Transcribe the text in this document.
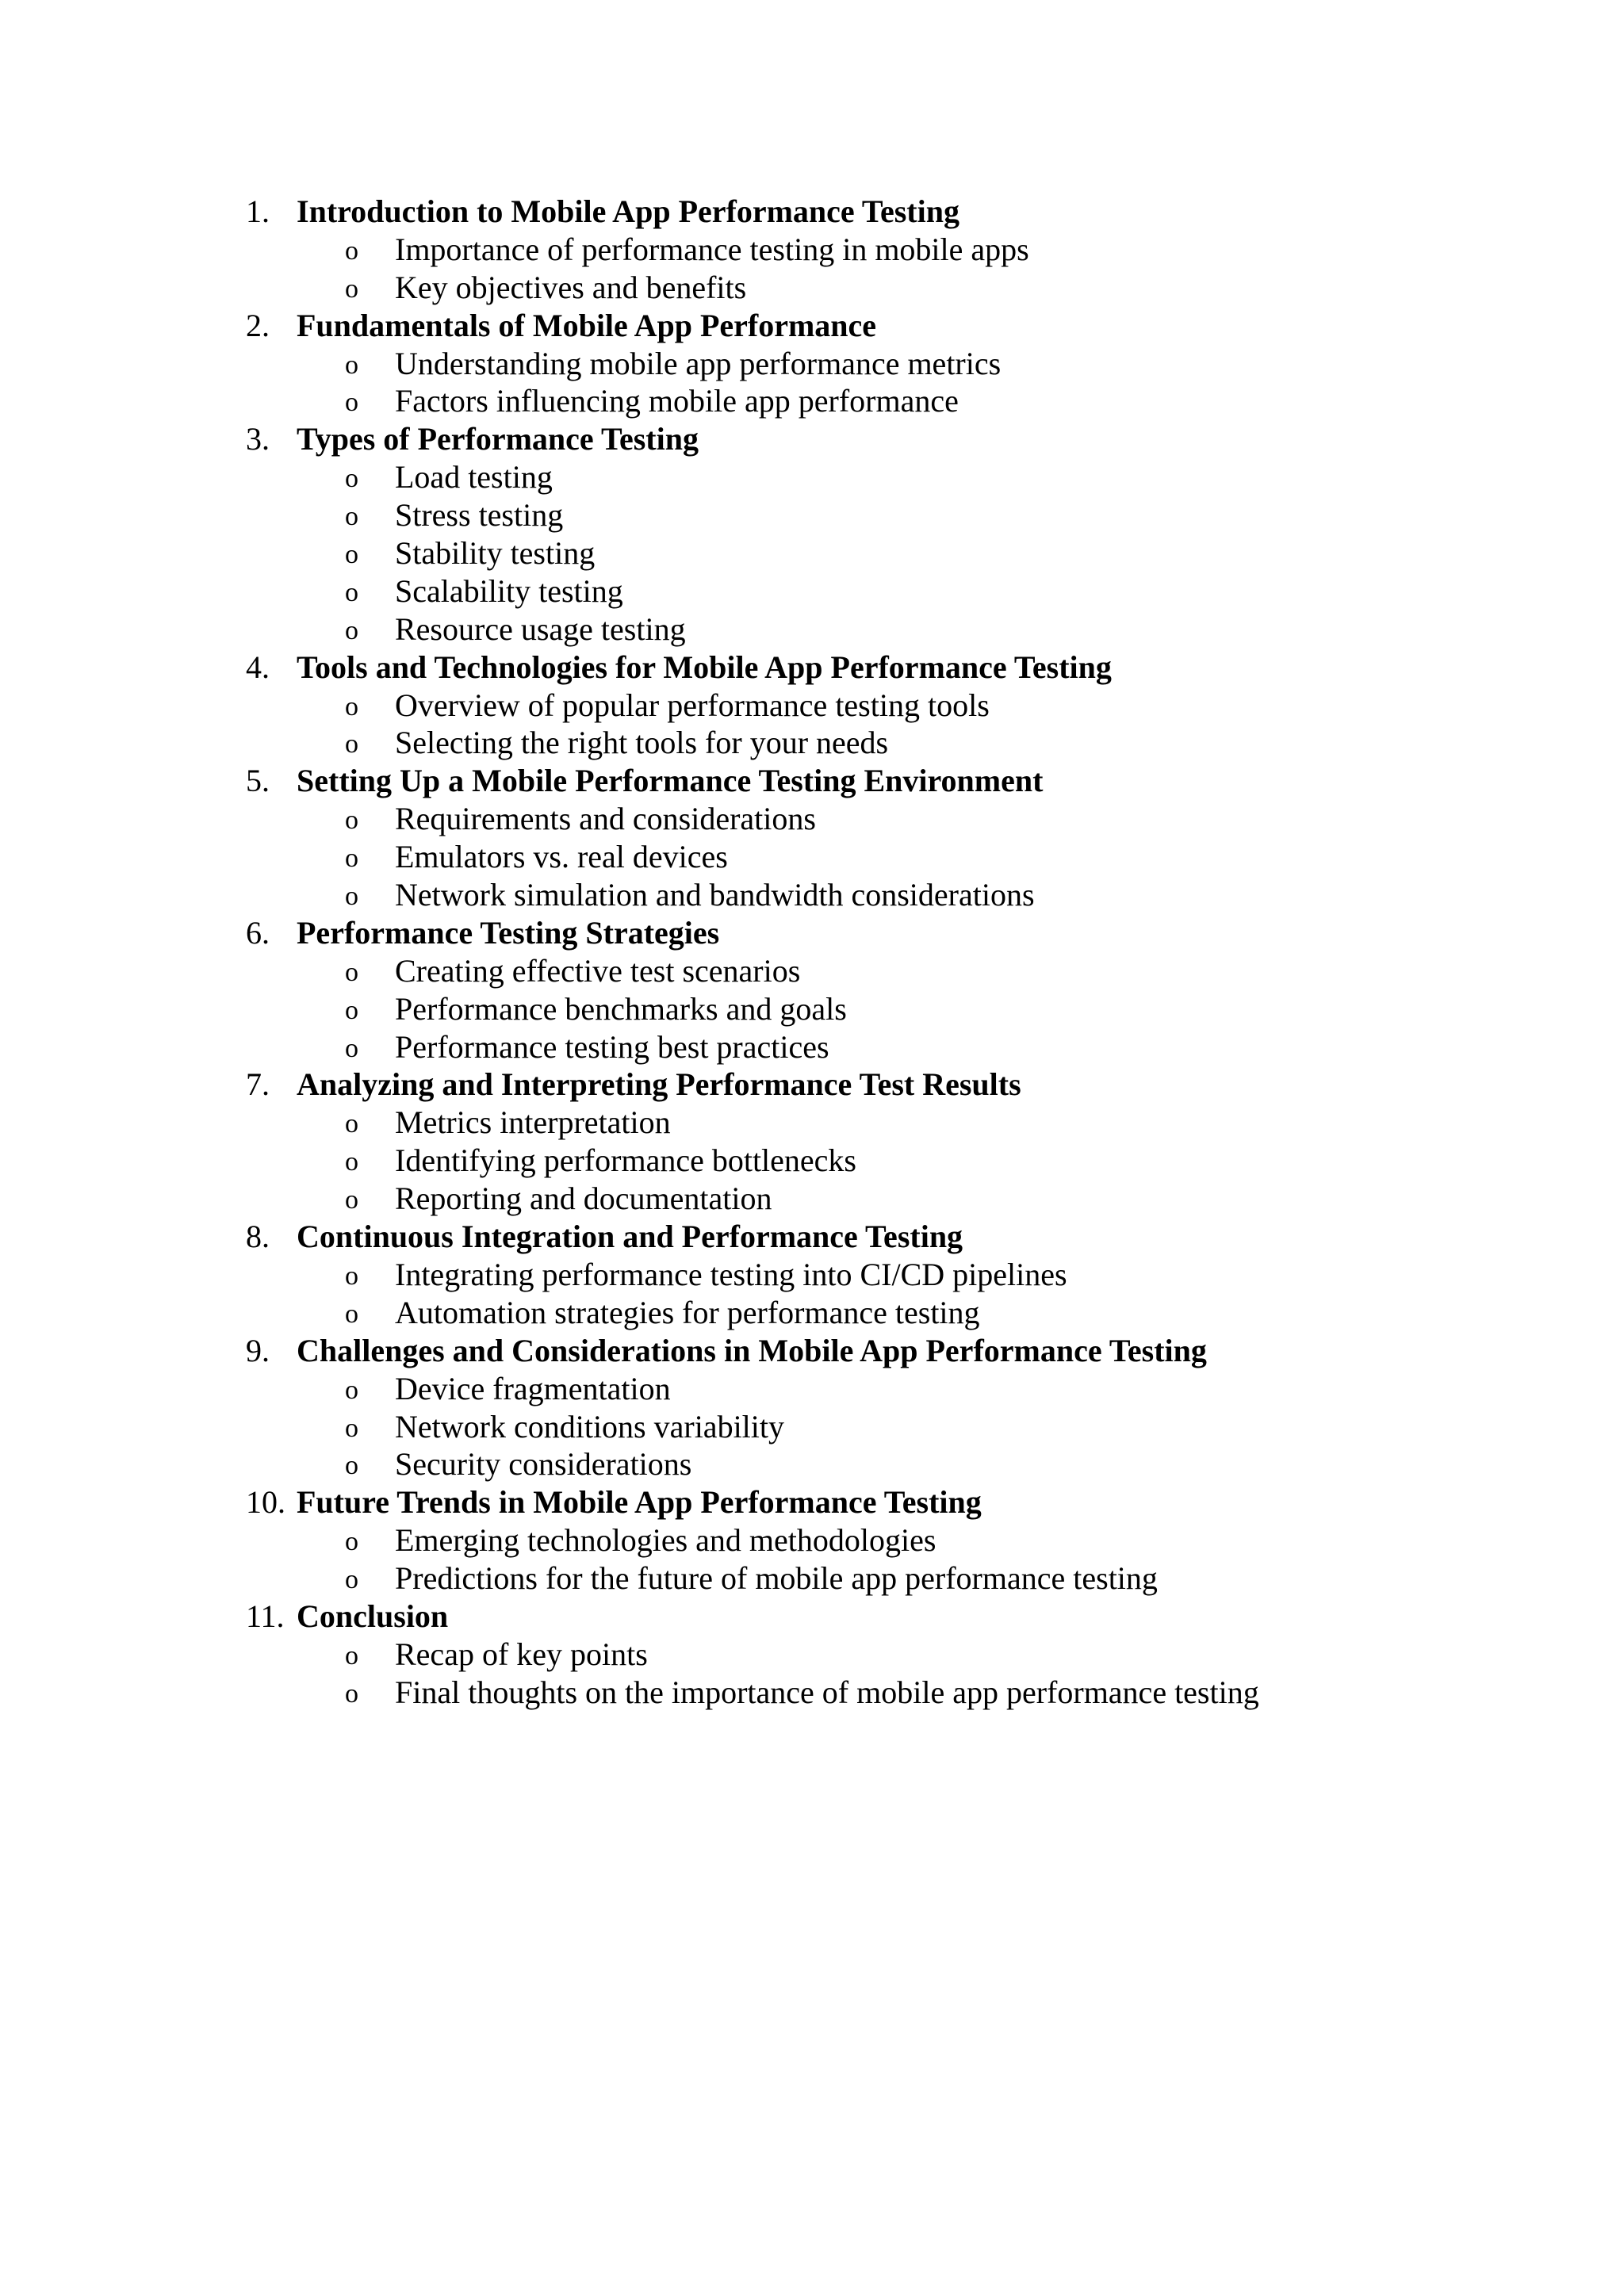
1. Introduction to Mobile App Performance Testing
o Importance of performance testing in mobile apps
o Key objectives and benefits
2. Fundamentals of Mobile App Performance
o Understanding mobile app performance metrics
o Factors influencing mobile app performance
3. Types of Performance Testing
o Load testing
o Stress testing
o Stability testing
o Scalability testing
o Resource usage testing
4. Tools and Technologies for Mobile App Performance Testing
o Overview of popular performance testing tools
o Selecting the right tools for your needs
5. Setting Up a Mobile Performance Testing Environment
o Requirements and considerations
o Emulators vs. real devices
o Network simulation and bandwidth considerations
6. Performance Testing Strategies
o Creating effective test scenarios
o Performance benchmarks and goals
o Performance testing best practices
7. Analyzing and Interpreting Performance Test Results
o Metrics interpretation
o Identifying performance bottlenecks
o Reporting and documentation
8. Continuous Integration and Performance Testing
o Integrating performance testing into CI/CD pipelines
o Automation strategies for performance testing
9. Challenges and Considerations in Mobile App Performance Testing
o Device fragmentation
o Network conditions variability
o Security considerations
10. Future Trends in Mobile App Performance Testing
o Emerging technologies and methodologies
o Predictions for the future of mobile app performance testing
11. Conclusion
o Recap of key points
o Final thoughts on the importance of mobile app performance testing
